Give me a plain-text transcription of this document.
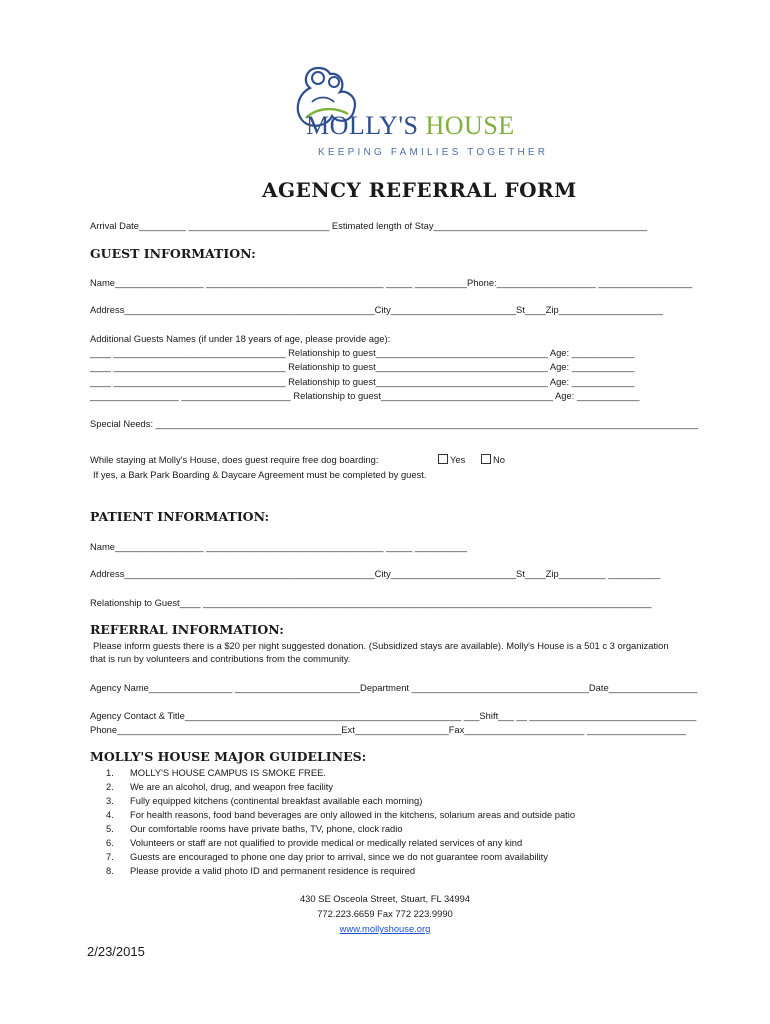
MOLLY'S HOUSE
KEEPING FAMILIES TOGETHER
AGENCY REFERRAL FORM
Arrival Date_________ ___________________________ Estimated length of Stay_________________________________________
GUEST INFORMATION:
Name_________________ __________________________________ _____ __________Phone:___________________ __________________
Address________________________________________________City________________________St____Zip____________________
Additional Guests Names (if under 18 years of age, please provide age):
____ _________________________________ Relationship to guest_________________________________ Age: ____________
____ _________________________________ Relationship to guest_________________________________ Age: ____________
____ _________________________________ Relationship to guest_________________________________ Age: ____________
_________________ _____________________ Relationship to guest_________________________________ Age: ____________
Special Needs: ________________________________________________________________________________________________________
While staying at Molly's House, does guest require free dog boarding:	Yes	No
If yes, a Bark Park Boarding & Daycare Agreement must be completed by guest.
PATIENT INFORMATION:
Name_________________ __________________________________ _____ __________
Address________________________________________________City________________________St____Zip_________ __________
Relationship to Guest____ ______________________________________________________________________________________
REFERRAL INFORMATION:
Please inform guests there is a $20 per night suggested donation. (Subsidized stays are available). Molly's House is a 501 c 3 organization
that is run by volunteers and contributions from the community.
Agency Name________________ ________________________Department __________________________________Date_________________
Agency Contact & Title_____________________________________________________ ___Shift___ __ ________________________________
Phone___________________________________________Ext__________________Fax_______________________ ___________________
MOLLY'S HOUSE MAJOR GUIDELINES:
1. MOLLY'S HOUSE CAMPUS IS SMOKE FREE.
2. We are an alcohol, drug, and weapon free facility
3. Fully equipped kitchens (continental breakfast available each morning)
4. For health reasons, food band beverages are only allowed in the kitchens, solarium areas and outside patio
5. Our comfortable rooms have private baths, TV, phone, clock radio
6. Volunteers or staff are not qualified to provide medical or medically related services of any kind
7. Guests are encouraged to phone one day prior to arrival, since we do not guarantee room availability
8. Please provide a valid photo ID and permanent residence is required
430 SE Osceola Street, Stuart, FL 34994
772.223.6659 Fax 772 223.9990
www.mollyshouse.org
2/23/2015
